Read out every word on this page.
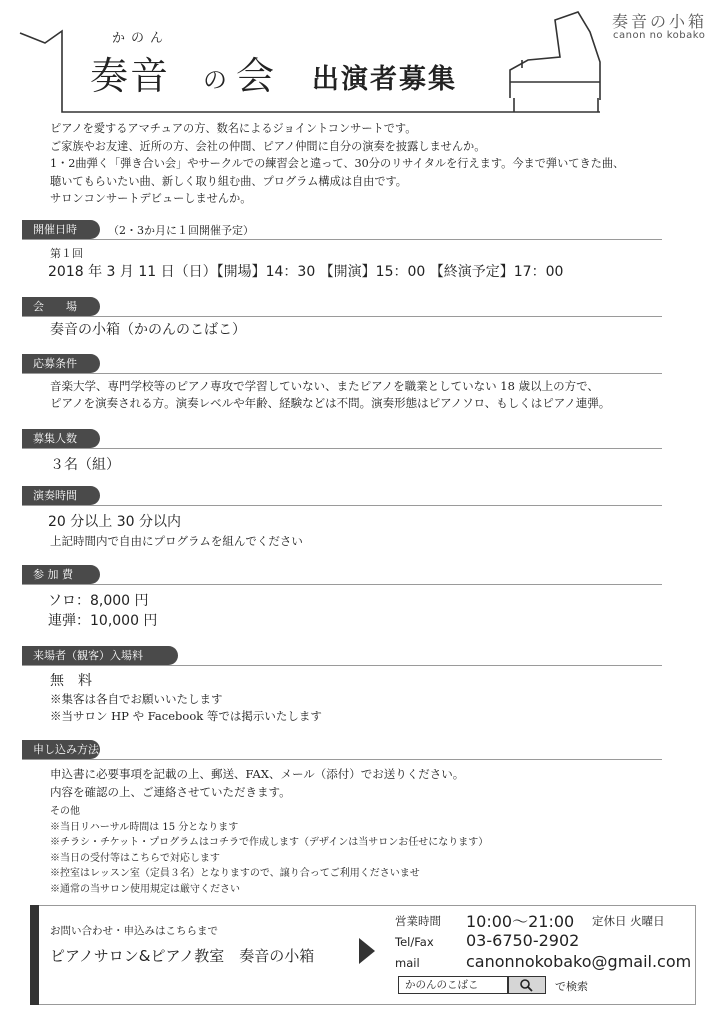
かのん
奏音 の 会 出演者募集
奏音の小箱
canon no kobako
ピアノを愛するアマチュアの方、数名によるジョイントコンサートです。
ご家族やお友達、近所の方、会社の仲間、ピアノ仲間に自分の演奏を披露しませんか。
1・2曲弾く「弾き合い会」やサークルでの練習会と違って、30分のリサイタルを行えます。今まで弾いてきた曲、
聴いてもらいたい曲、新しく取り組む曲、プログラム構成は自由です。
サロンコンサートデビューしませんか。
開催日時	（2・3か月に１回開催予定）
第１回
2018 年 3 月 11 日（日）【開場】14：30 【開演】15：00 【終演予定】17：00
会　　場
奏音の小箱（かのんのこばこ）
応募条件
音楽大学、専門学校等のピアノ専攻で学習していない、またピアノを職業としていない 18 歳以上の方で、
ピアノを演奏される方。演奏レベルや年齢、経験などは不問。演奏形態はピアノソロ、もしくはピアノ連弾。
募集人数
３名（組）
演奏時間
20 分以上 30 分以内
上記時間内で自由にプログラムを組んでください
参 加 費
ソロ：8,000 円
連弾：10,000 円
来場者（観客）入場料
無　料
※集客は各自でお願いいたします
※当サロン HP や Facebook 等では掲示いたします
申し込み方法
申込書に必要事項を記載の上、郵送、FAX、メール（添付）でお送りください。
内容を確認の上、ご連絡させていただきます。
その他
※当日リハーサル時間は 15 分となります
※チラシ・チケット・プログラムはコチラで作成します（デザインは当サロンお任せになります）
※当日の受付等はこちらで対応します
※控室はレッスン室（定員３名）となりますので、譲り合ってご利用くださいませ
※通常の当サロン使用規定は厳守ください
お問い合わせ・申込みはこちらまで
ピアノサロン&ピアノ教室　奏音の小箱
営業時間 10:00〜21:00 定休日 火曜日
Tel/Fax 03-6750-2902
mail	canonnokobako@gmail.com
かのんのこばこ	で検索
